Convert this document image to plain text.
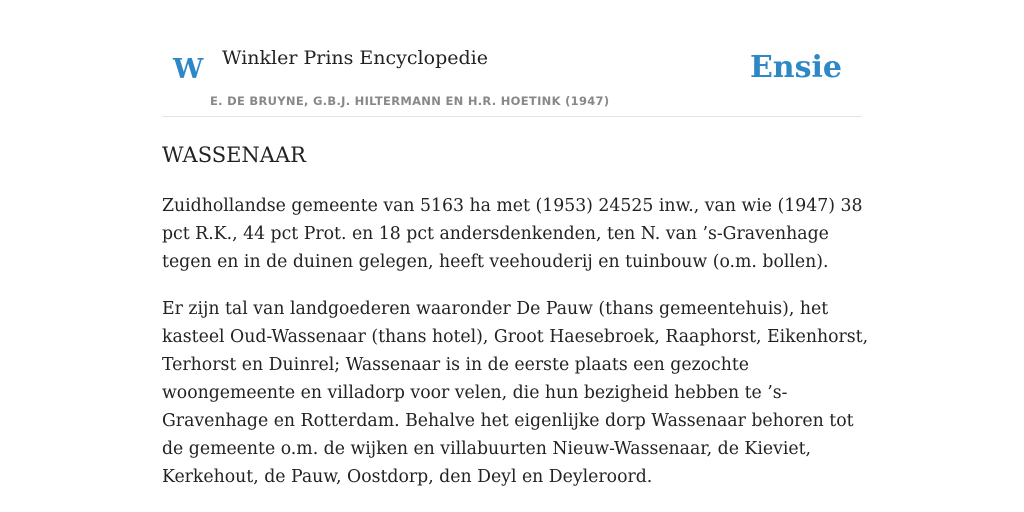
W Winkler Prins Encyclopedie
E. DE BRUYNE, G.B.J. HILTERMANN EN H.R. HOETINK (1947)
Ensie
WASSENAAR

Zuidhollandse gemeente van 5163 ha met (1953) 24525 inw., van wie (1947) 38 pct R.K., 44 pct Prot. en 18 pct andersdenkenden, ten N. van ’s-Gravenhage tegen en in de duinen gelegen, heeft veehouderij en tuinbouw (o.m. bollen).

Er zijn tal van landgoederen waaronder De Pauw (thans gemeentehuis), het kasteel Oud-Wassenaar (thans hotel), Groot Haesebroek, Raaphorst, Eikenhorst, Terhorst en Duinrel; Wassenaar is in de eerste plaats een gezochte woongemeente en villadorp voor velen, die hun bezigheid hebben te ’s-Gravenhage en Rotterdam. Behalve het eigenlijke dorp Wassenaar behoren tot de gemeente o.m. de wijken en villabuurten Nieuw-Wassenaar, de Kieviet, Kerkehout, de Pauw, Oostdorp, den Deyl en Deyleroord.
